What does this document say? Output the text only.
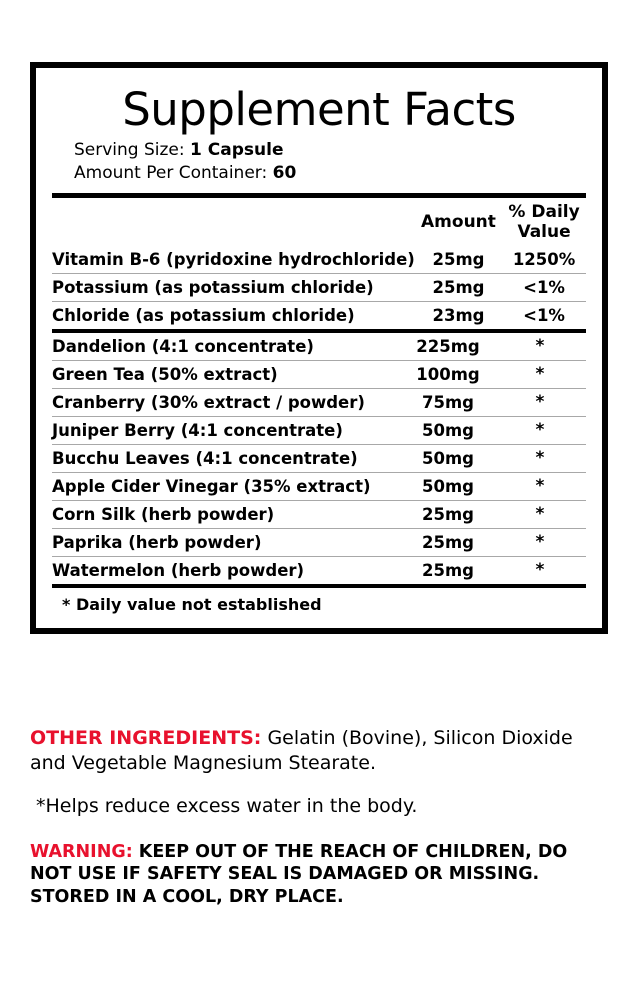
Supplement Facts
Serving Size: 1 Capsule
Amount Per Container: 60
	Amount	% Daily Value
Vitamin B-6 (pyridoxine hydrochloride)	25mg	1250%
Potassium (as potassium chloride)	25mg	<1%
Chloride (as potassium chloride)	23mg	<1%
Dandelion (4:1 concentrate)	225mg	*
Green Tea (50% extract)	100mg	*
Cranberry (30% extract / powder)	75mg	*
Juniper Berry (4:1 concentrate)	50mg	*
Bucchu Leaves (4:1 concentrate)	50mg	*
Apple Cider Vinegar (35% extract)	50mg	*
Corn Silk (herb powder)	25mg	*
Paprika (herb powder)	25mg	*
Watermelon (herb powder)	25mg	*
* Daily value not established
OTHER INGREDIENTS: Gelatin (Bovine), Silicon Dioxide and Vegetable Magnesium Stearate.
*Helps reduce excess water in the body.
WARNING: KEEP OUT OF THE REACH OF CHILDREN, DO NOT USE IF SAFETY SEAL IS DAMAGED OR MISSING. STORED IN A COOL, DRY PLACE.
